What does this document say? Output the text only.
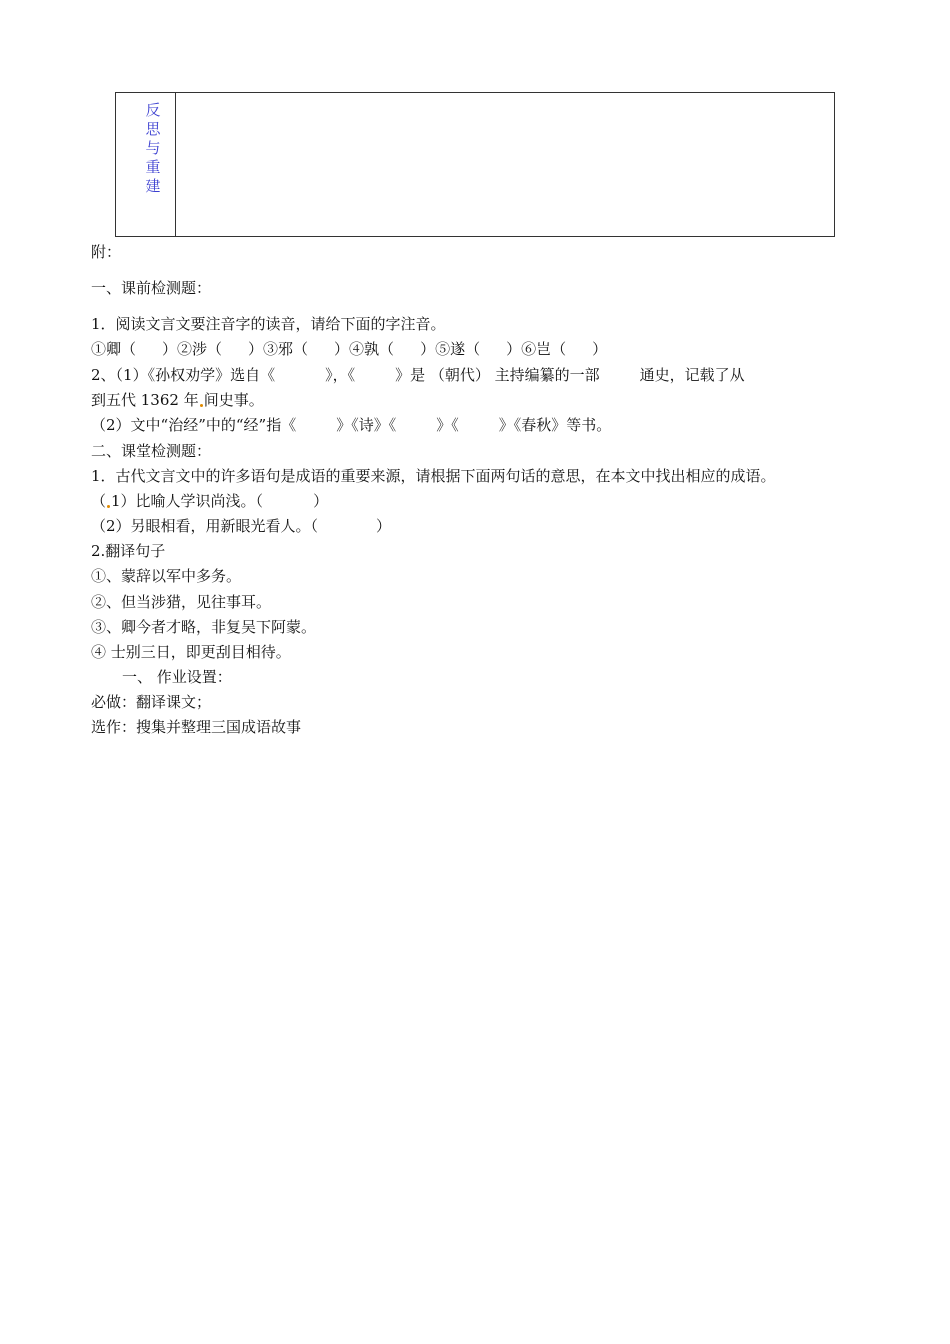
反
思
与
重
建
附：
一、课前检测题：
1．阅读文言文要注音字的读音，请给下面的字注音。
①卿（ ）②涉（ ）③邪（ ）④孰（ ）⑤遂（ ）⑥岂（ ）
2、（1）《孙权劝学》选自《	》，《	》是 （朝代） 主持编纂的一部	通史，记载了从
到五代 1362 年 间史事。
（2）文中“治经”中的“经”指《	》《诗》《	》《	》《春秋》等书。
二、课堂检测题：
1．古代文言文中的许多语句是成语的重要来源，请根据下面两句话的意思，在本文中找出相应的成语。
（ 1）比喻人学识尚浅。（	）
（2）另眼相看，用新眼光看人。（	）
2.翻译句子
①、蒙辞以军中多务。
②、但当涉猎，见往事耳。
③、卿今者才略，非复吴下阿蒙。
④ 士别三日，即更刮目相待。
一、 作业设置：
必做：翻译课文；
选作：搜集并整理三国成语故事
